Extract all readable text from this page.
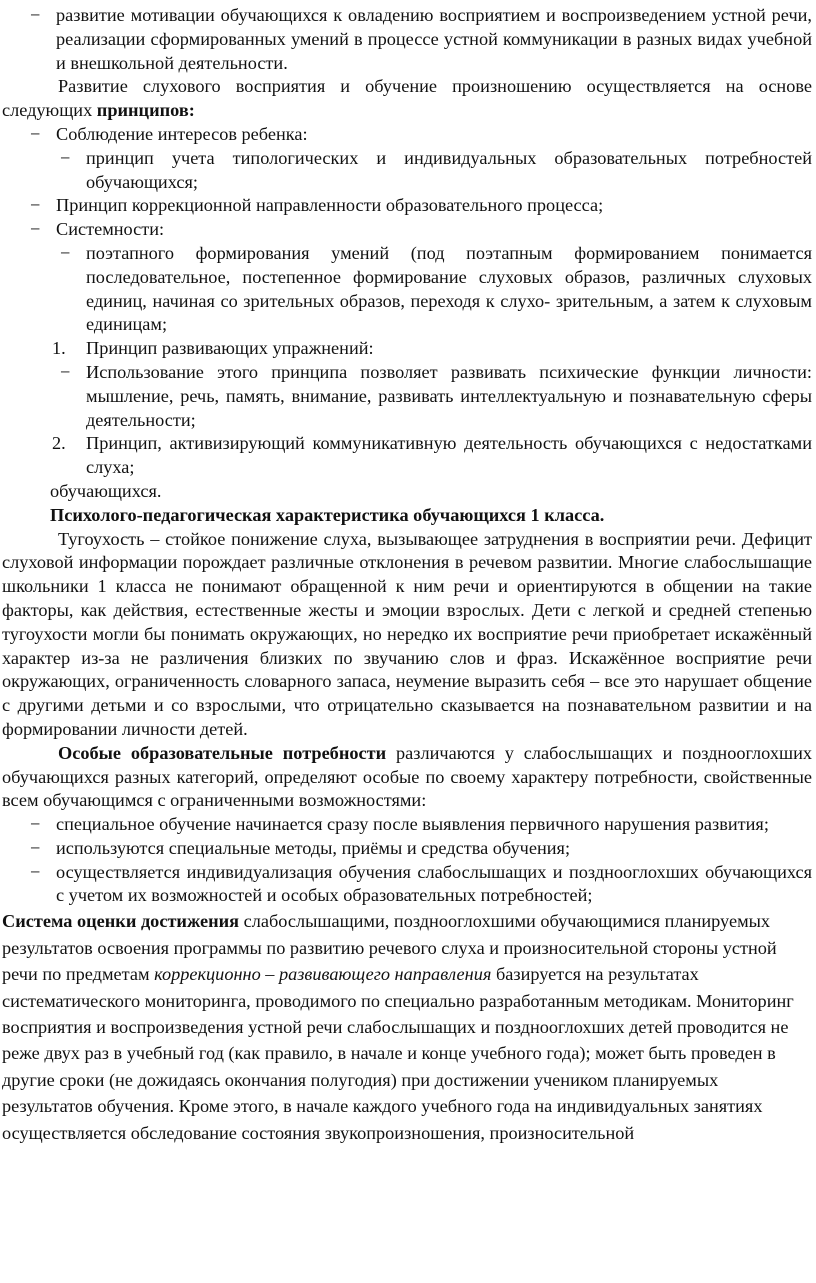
− развитие мотивации обучающихся к овладению восприятием и воспроизведением устной речи, реализации сформированных умений в процессе устной коммуникации в разных видах учебной и внешкольной деятельности.

Развитие слухового восприятия и обучение произношению осуществляется на основе следующих принципов:

− Соблюдение интересов ребенка:

− принцип учета типологических и индивидуальных образовательных потребностей обучающихся;

− Принцип коррекционной направленности образовательного процесса;

− Системности:

− поэтапного формирования умений (под поэтапным формированием понимается последовательное, постепенное формирование слуховых образов, различных слуховых единиц, начиная со зрительных образов, переходя к слухо- зрительным, а затем к слуховым единицам;

1. Принцип развивающих упражнений:

− Использование этого принципа позволяет развивать психические функции личности: мышление, речь, память, внимание, развивать интеллектуальную и познавательную сферы деятельности;

2. Принцип, активизирующий коммуникативную деятельность обучающихся с недостатками слуха;

обучающихся.

Психолого-педагогическая характеристика обучающихся 1 класса.

Тугоухость – стойкое понижение слуха, вызывающее затруднения в восприятии речи. Дефицит слуховой информации порождает различные отклонения в речевом развитии. Многие слабослышащие школьники 1 класса не понимают обращенной к ним речи и ориентируются в общении на такие факторы, как действия, естественные жесты и эмоции взрослых. Дети с легкой и средней степенью тугоухости могли бы понимать окружающих, но нередко их восприятие речи приобретает искажённый характер из-за не различения близких по звучанию слов и фраз. Искажённое восприятие речи окружающих, ограниченность словарного запаса, неумение выразить себя – все это нарушает общение с другими детьми и со взрослыми, что отрицательно сказывается на познавательном развитии и на формировании личности детей.

Особые образовательные потребности различаются у слабослышащих и позднооглохших обучающихся разных категорий, определяют особые по своему характеру потребности, свойственные всем обучающимся с ограниченными возможностями:

− специальное обучение начинается сразу после выявления первичного нарушения развития;

− используются специальные методы, приёмы и средства обучения;

− осуществляется индивидуализация обучения слабослышащих и позднооглохших обучающихся с учетом их возможностей и особых образовательных потребностей;

Система оценки достижения слабослышащими, позднооглохшими обучающимися планируемых результатов освоения программы по развитию речевого слуха и произносительной стороны устной речи по предметам коррекционно – развивающего направления базируется на результатах систематического мониторинга, проводимого по специально разработанным методикам. Мониторинг восприятия и воспроизведения устной речи слабослышащих и позднооглохших детей проводится не реже двух раз в учебный год (как правило, в начале и конце учебного года); может быть проведен в другие сроки (не дожидаясь окончания полугодия) при достижении учеником планируемых результатов обучения. Кроме этого, в начале каждого учебного года на индивидуальных занятиях осуществляется обследование состояния звукопроизношения, произносительной
